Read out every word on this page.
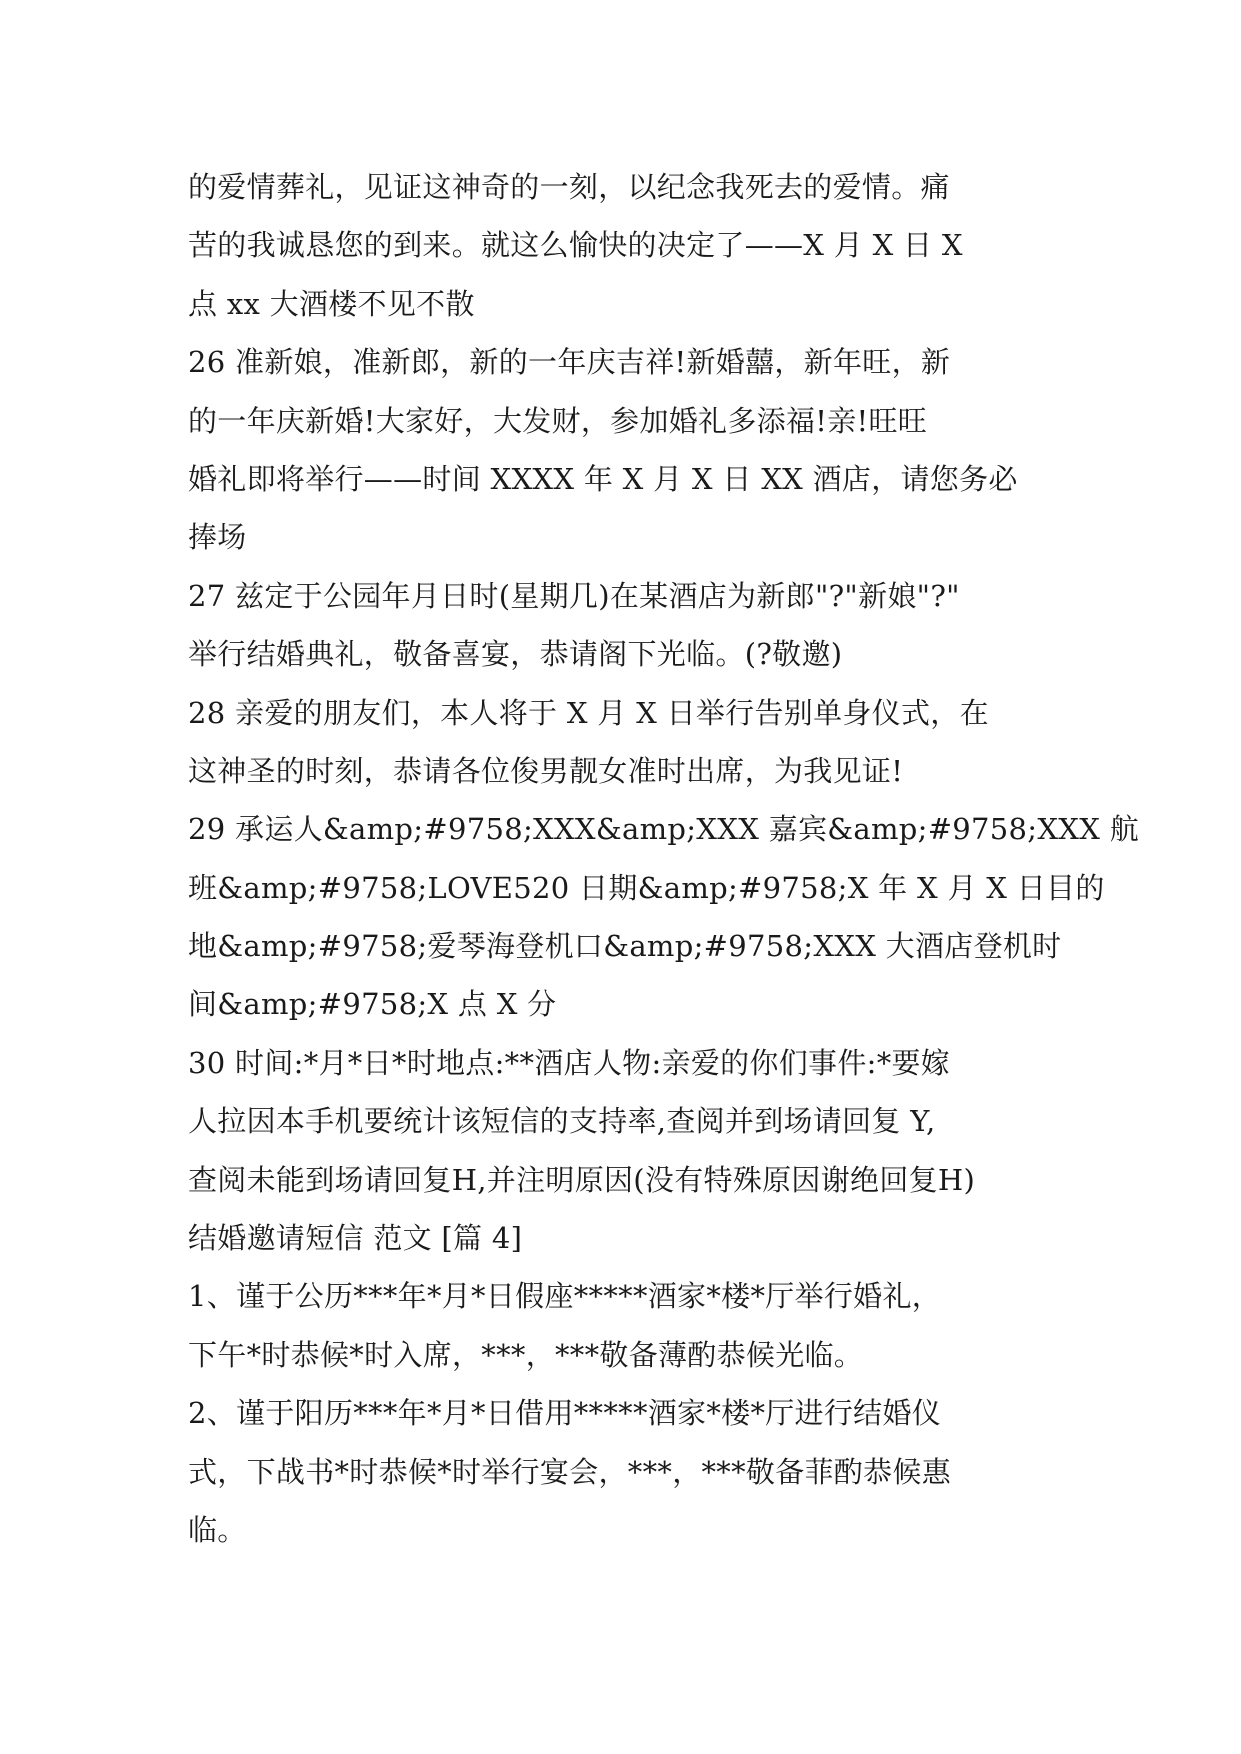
的爱情葬礼，见证这神奇的一刻，以纪念我死去的爱情。痛
苦的我诚恳您的到来。就这么愉快的决定了——X 月 X 日 X
点 xx 大酒楼不见不散
26 准新娘，准新郎，新的一年庆吉祥!新婚囍，新年旺，新
的一年庆新婚!大家好，大发财，参加婚礼多添福!亲!旺旺
婚礼即将举行——时间 XXXX 年 X 月 X 日 XX 酒店，请您务必
捧场
27 兹定于公园年月日时(星期几)在某酒店为新郎"?"新娘"?"
举行结婚典礼，敬备喜宴，恭请阁下光临。(?敬邀)
28 亲爱的朋友们，本人将于 X 月 X 日举行告别单身仪式，在
这神圣的时刻，恭请各位俊男靓女准时出席，为我见证!
29 承运人&amp;#9758;XXX&amp;XXX 嘉宾&amp;#9758;XXX 航
班&amp;#9758;LOVE520 日期&amp;#9758;X 年 X 月 X 日目的
地&amp;#9758;爱琴海登机口&amp;#9758;XXX 大酒店登机时
间&amp;#9758;X 点 X 分
30 时间:*月*日*时地点:**酒店人物:亲爱的你们事件:*要嫁
人拉因本手机要统计该短信的支持率,查阅并到场请回复 Y,
查阅未能到场请回复H,并注明原因(没有特殊原因谢绝回复H)
结婚邀请短信 范文 [篇 4]
1、谨于公历***年*月*日假座*****酒家*楼*厅举行婚礼，
下午*时恭候*时入席，***，***敬备薄酌恭候光临。
2、谨于阳历***年*月*日借用*****酒家*楼*厅进行结婚仪
式，下战书*时恭候*时举行宴会，***，***敬备菲酌恭候惠
临。
